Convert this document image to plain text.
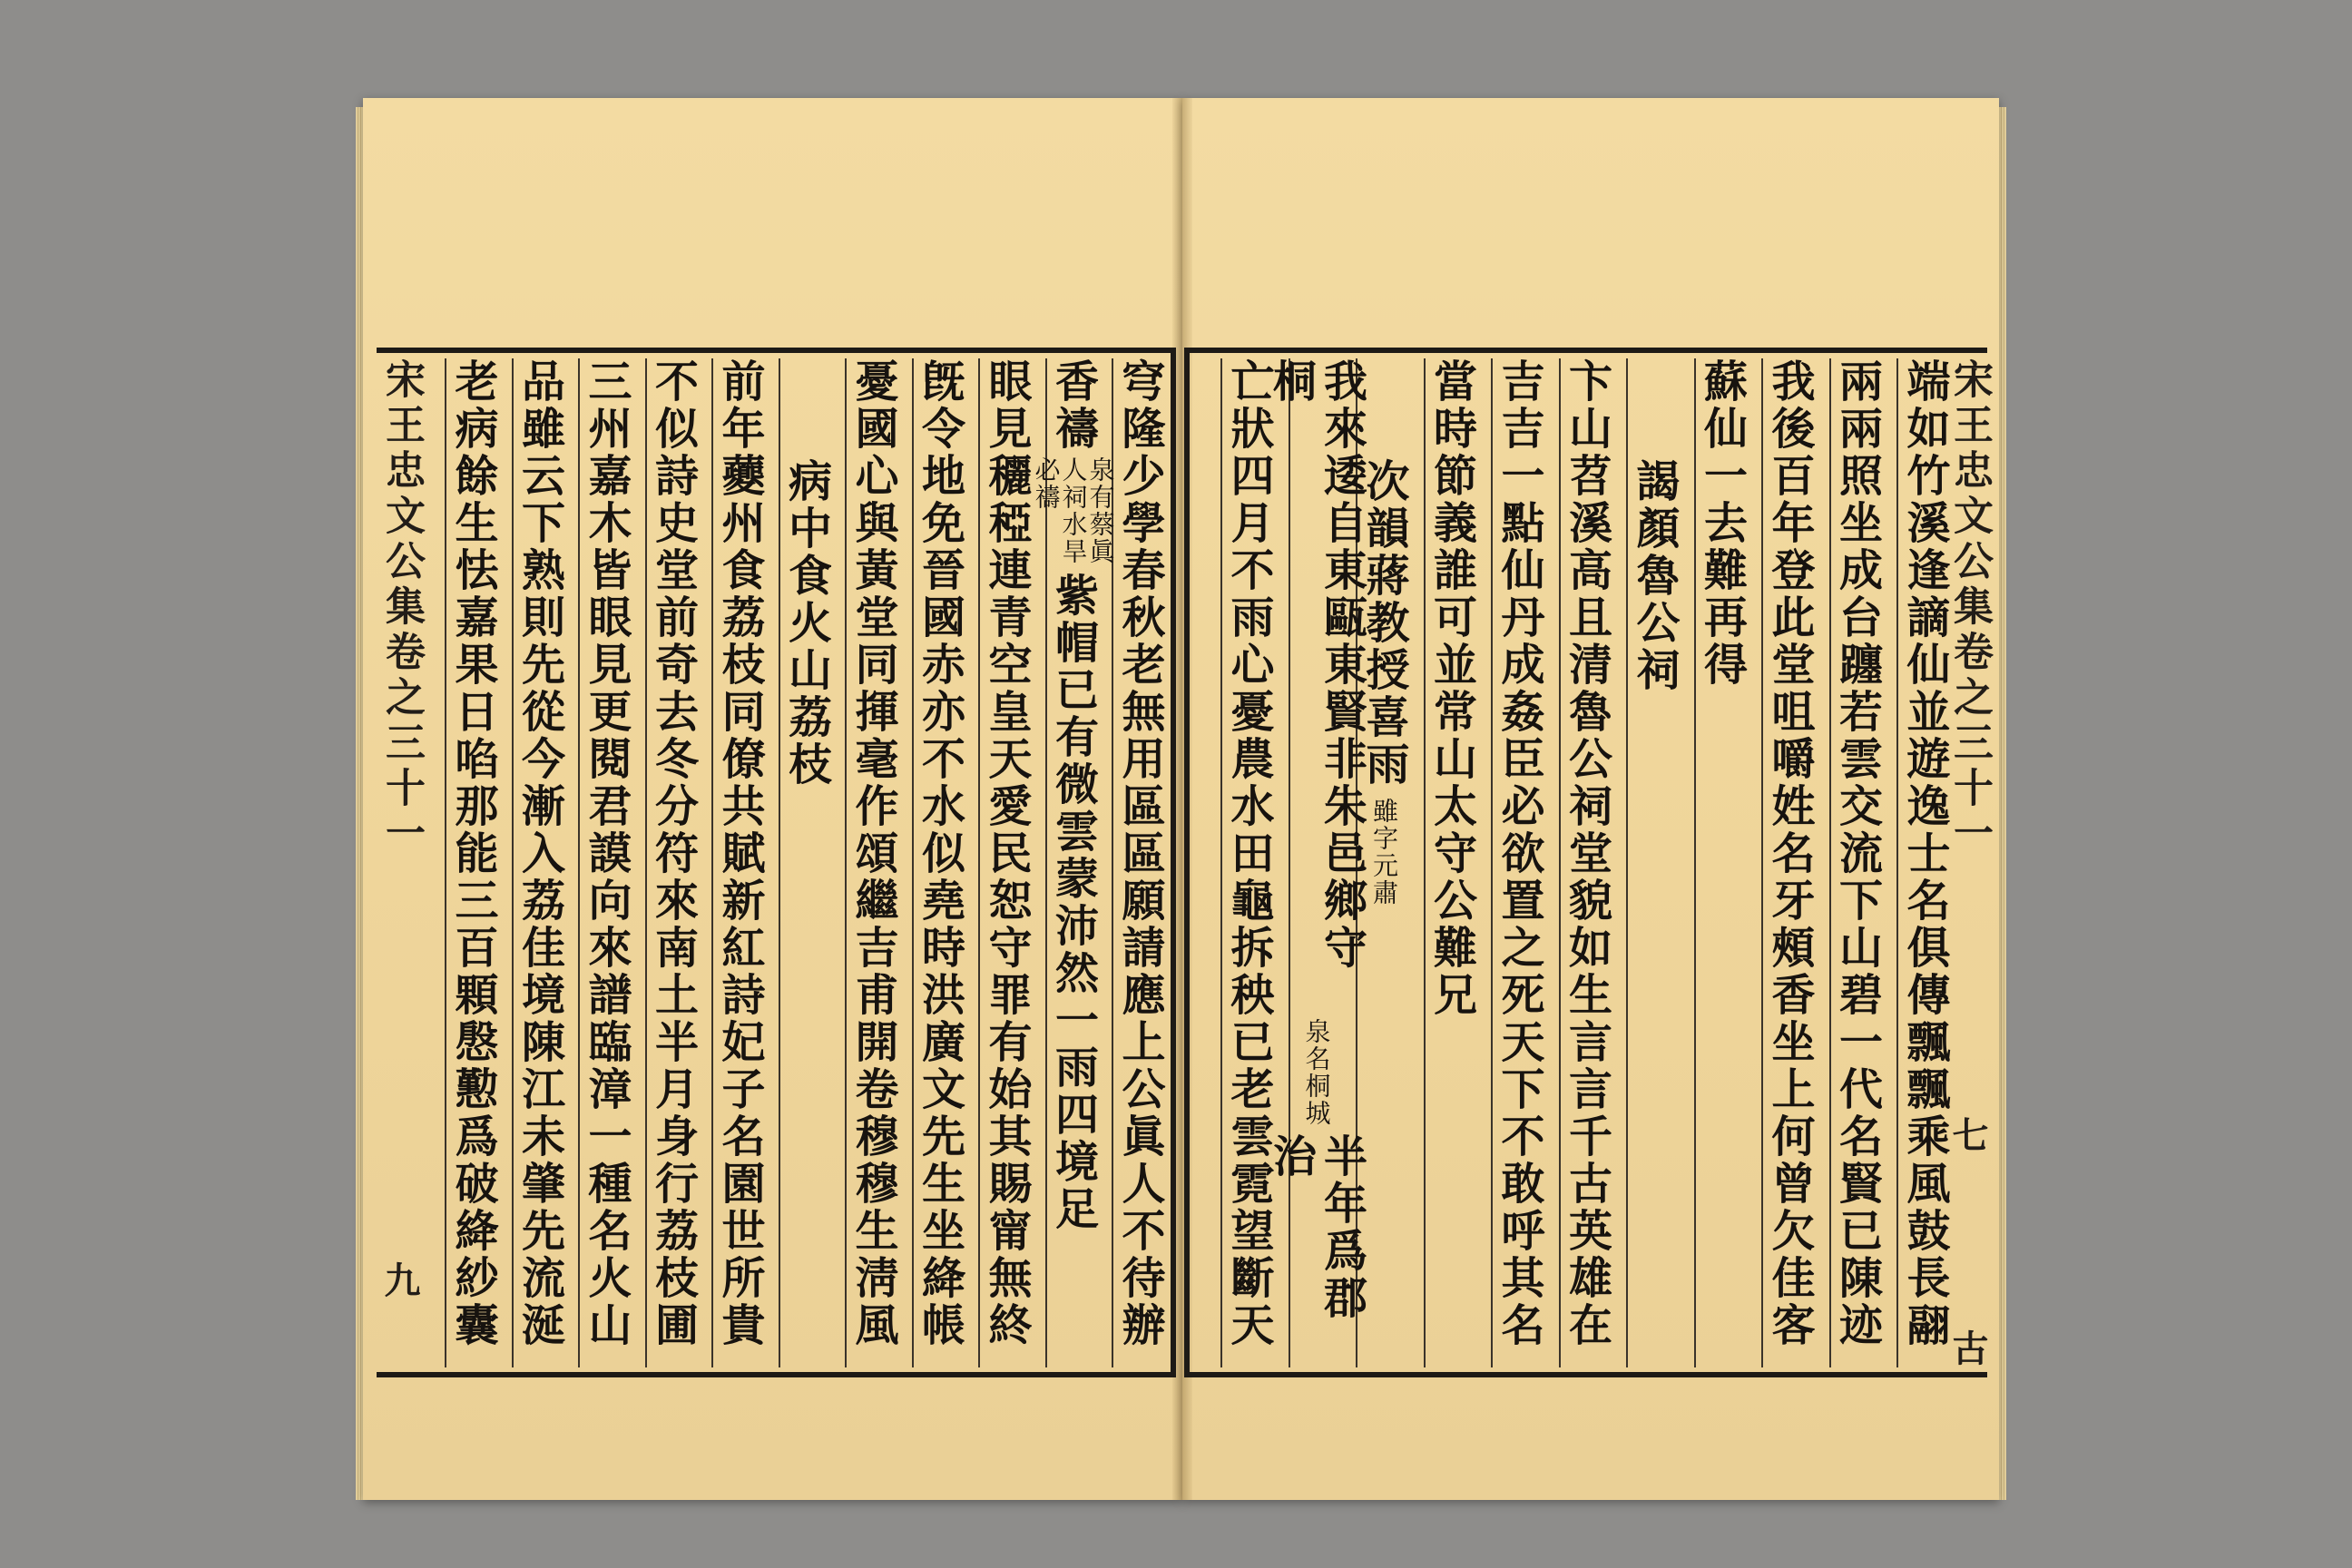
宋王忠文公集卷之三十一	宋王忠文公集卷之三十一
九
七
古
端如竹溪逢謫仙並遊逸士名俱傳飄飄乘風鼓長翮
兩兩照坐成台躔若雲交流下山碧一代名賢已陳迹
我後百年登此堂咀嚼姓名牙頰香坐上何曾欠佳客
蘇仙一去難再得
謁顏魯公祠
卞山苕溪高且清魯公祠堂貌如生言言千古英雄在
吉吉一點仙丹成姦臣必欲置之死天下不敢呼其名
當時節義誰可並常山太守公難兄
次韻蔣教授喜雨
雖字元肅
我來逶自東甌東賢非朱邑鄉守桐
泉名桐城
半年爲郡治
亡狀四月不雨心憂農水田龜拆秧已老雲霓望斷天
穹隆少學春秋老無用區區願請應上公眞人不待辦
香禱
泉有蔡眞人祠水旱必禱
紫帽已有微雲蒙沛然一雨四境足
眼見穲稏連青空皇天愛民恕守罪有始其賜甯無終
旣令地免晉國赤亦不水似堯時洪廣文先生坐絳帳
憂國心與黃堂同揮毫作頌繼吉甫開卷穆穆生淸風
病中食火山荔枝
前年虁州食荔枝同僚共賦新紅詩妃子名園世所貴
不似詩史堂前奇去冬分符來南土半月身行荔枝圃
三州嘉木皆眼見更閱君謨向來譜臨漳一種名火山
品雖云下熟則先從今漸入荔佳境陳江未肇先流涎
老病餘生怯嘉果日啗那能三百顆慇懃爲破絳紗囊
